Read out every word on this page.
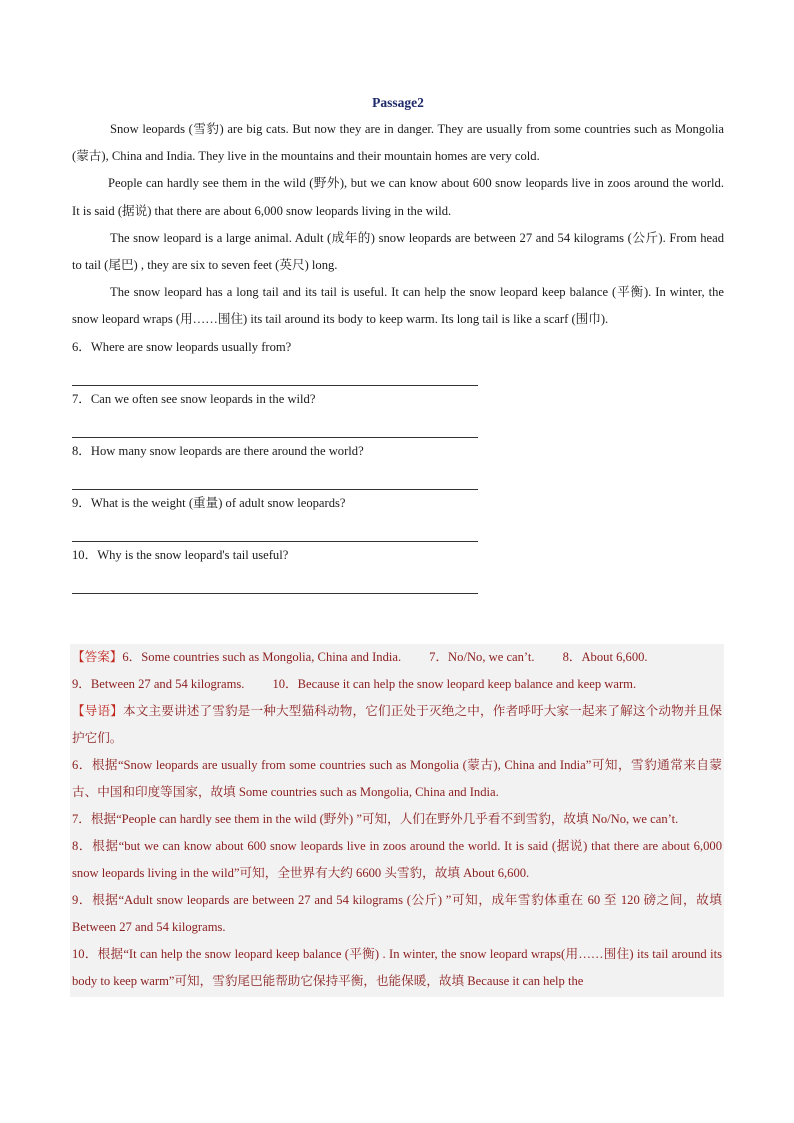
Passage2

Snow leopards (雪豹) are big cats. But now they are in danger. They are usually from some countries such as Mongolia (蒙古), China and India. They live in the mountains and their mountain homes are very cold.

People can hardly see them in the wild (野外), but we can know about 600 snow leopards live in zoos around the world. It is said (据说) that there are about 6,000 snow leopards living in the wild.

The snow leopard is a large animal. Adult (成年的) snow leopards are between 27 and 54 kilograms (公斤). From head to tail (尾巴) , they are six to seven feet (英尺) long.

The snow leopard has a long tail and its tail is useful. It can help the snow leopard keep balance (平衡). In winter, the snow leopard wraps (用……围住) its tail around its body to keep warm. Its long tail is like a scarf (围巾).

6．Where are snow leopards usually from?

7．Can we often see snow leopards in the wild?

8．How many snow leopards are there around the world?

9．What is the weight (重量) of adult snow leopards?

10．Why is the snow leopard's tail useful?

【答案】6．Some countries such as Mongolia, China and India. 7．No/No, we can’t. 8．About 6,600.

9．Between 27 and 54 kilograms. 10．Because it can help the snow leopard keep balance and keep warm.

【导语】本文主要讲述了雪豹是一种大型猫科动物，它们正处于灭绝之中，作者呼吁大家一起来了解这个动物并且保护它们。

6．根据“Snow leopards are usually from some countries such as Mongolia (蒙古), China and India”可知，雪豹通常来自蒙古、中国和印度等国家，故填 Some countries such as Mongolia, China and India.

7．根据“People can hardly see them in the wild (野外) ”可知，人们在野外几乎看不到雪豹，故填 No/No, we can’t.

8．根据“but we can know about 600 snow leopards live in zoos around the world. It is said (据说) that there are about 6,000 snow leopards living in the wild”可知，全世界有大约 6600 头雪豹，故填 About 6,600.

9．根据“Adult snow leopards are between 27 and 54 kilograms (公斤) ”可知，成年雪豹体重在 60 至 120 磅之间，故填 Between 27 and 54 kilograms.

10．根据“It can help the snow leopard keep balance (平衡) . In winter, the snow leopard wraps(用……围住) its tail around its body to keep warm”可知，雪豹尾巴能帮助它保持平衡，也能保暖，故填 Because it can help the
